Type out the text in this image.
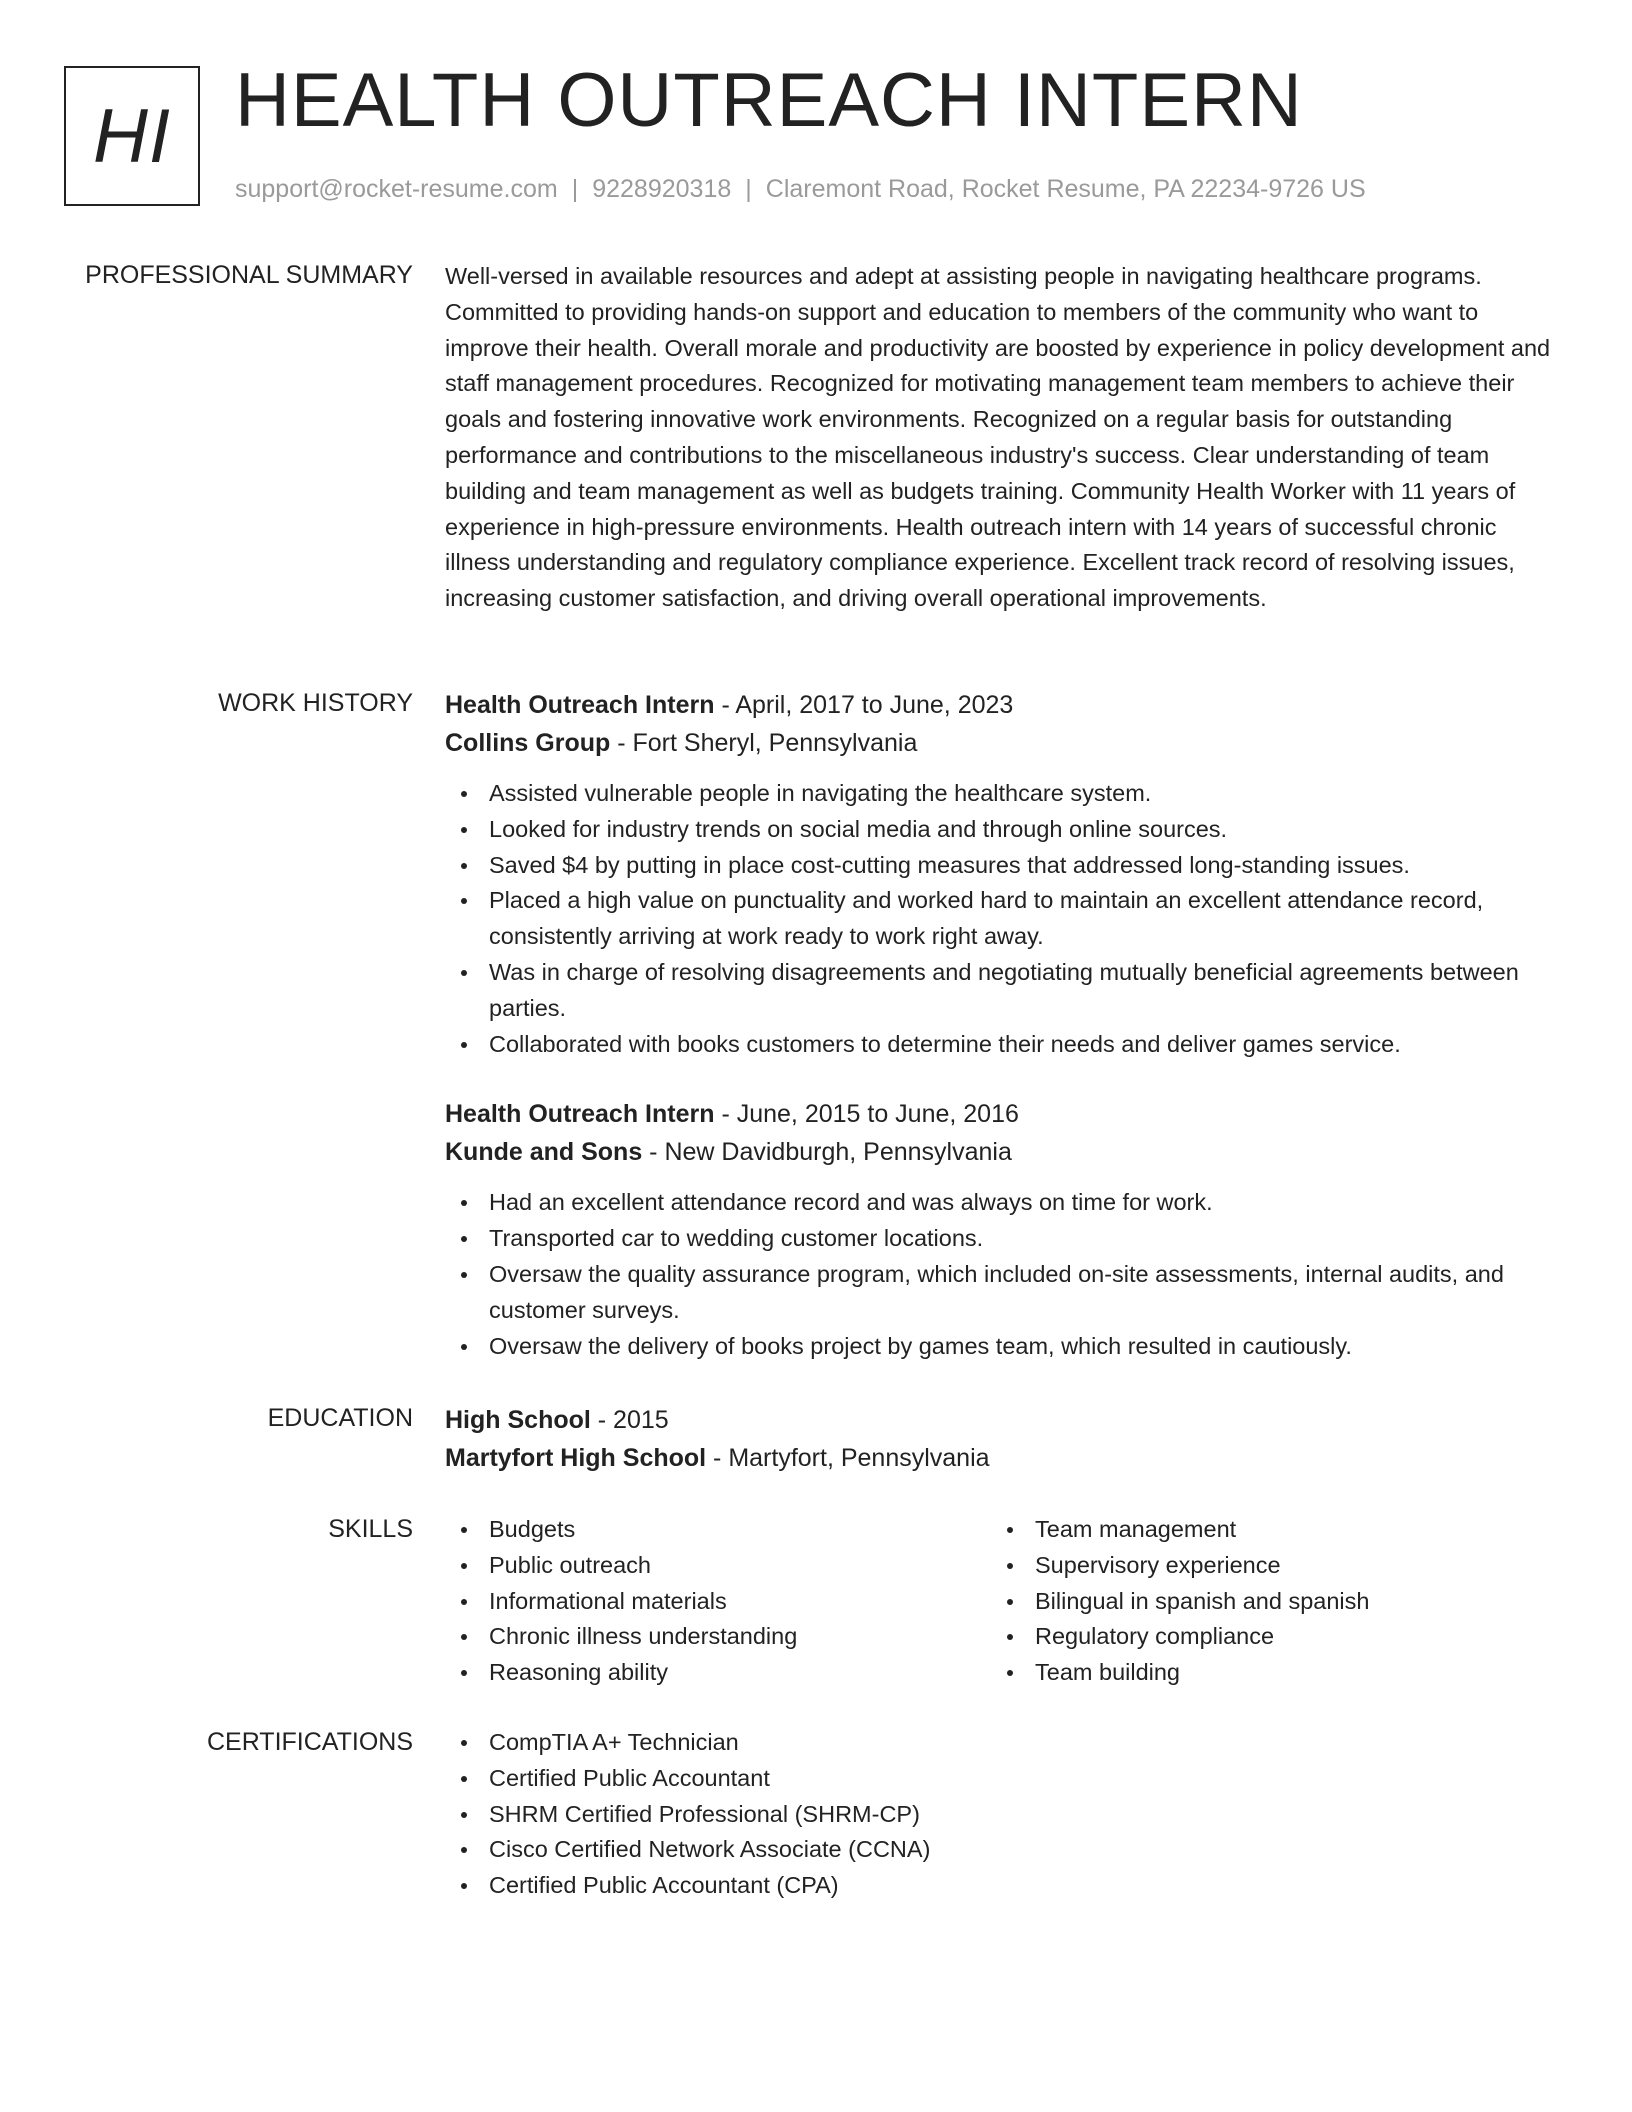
HI HEALTH OUTREACH INTERN
support@rocket-resume.com | 9228920318 | Claremont Road, Rocket Resume, PA 22234-9726 US
PROFESSIONAL SUMMARY Well-versed in available resources and adept at assisting people in navigating healthcare programs. Committed to providing hands-on support and education to members of the community who want to improve their health. Overall morale and productivity are boosted by experience in policy development and staff management procedures. Recognized for motivating management team members to achieve their goals and fostering innovative work environments. Recognized on a regular basis for outstanding performance and contributions to the miscellaneous industry's success. Clear understanding of team building and team management as well as budgets training. Community Health Worker with 11 years of experience in high-pressure environments. Health outreach intern with 14 years of successful chronic illness understanding and regulatory compliance experience. Excellent track record of resolving issues, increasing customer satisfaction, and driving overall operational improvements.

WORK HISTORY Health Outreach Intern - April, 2017 to June, 2023

Collins Group - Fort Sheryl, Pennsylvania

Assisted vulnerable people in navigating the healthcare system.
Looked for industry trends on social media and through online sources.
Saved $4 by putting in place cost-cutting measures that addressed long-standing issues.
Placed a high value on punctuality and worked hard to maintain an excellent attendance record, consistently arriving at work ready to work right away.
Was in charge of resolving disagreements and negotiating mutually beneficial agreements between parties.
Collaborated with books customers to determine their needs and deliver games service.

Health Outreach Intern - June, 2015 to June, 2016

Kunde and Sons - New Davidburgh, Pennsylvania

Had an excellent attendance record and was always on time for work.
Transported car to wedding customer locations.
Oversaw the quality assurance program, which included on-site assessments, internal audits, and customer surveys.
Oversaw the delivery of books project by games team, which resulted in cautiously.
EDUCATION High School - 2015

Martyfort High School - Martyfort, Pennsylvania

SKILLS	Budgets
Public outreach
Informational materials
Chronic illness understanding
Reasoning ability
Team management
Supervisory experience
Bilingual in spanish and spanish
Regulatory compliance
Team building
CERTIFICATIONS	CompTIA A+ Technician
Certified Public Accountant
SHRM Certified Professional (SHRM-CP)
Cisco Certified Network Associate (CCNA)
Certified Public Accountant (CPA)
